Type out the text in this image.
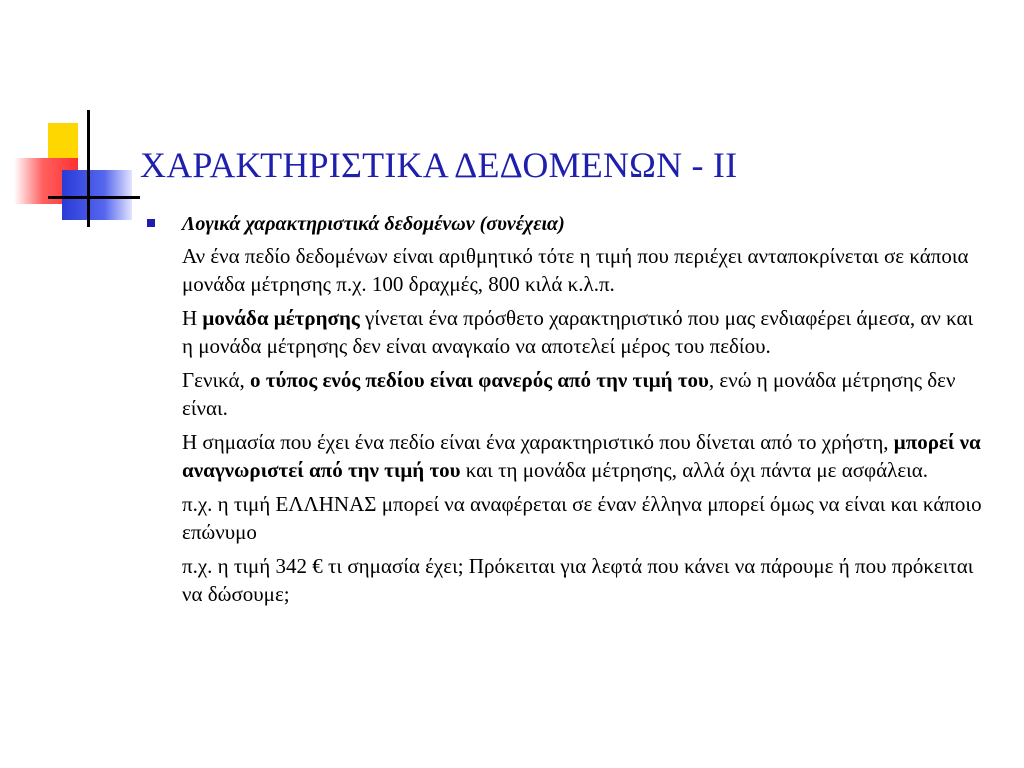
ΧΑΡΑΚΤΗΡΙΣΤΙΚΑ ΔΕΔΟΜΕΝΩΝ - ΙΙ
Λογικά χαρακτηριστικά δεδομένων (συνέχεια)
Αν ένα πεδίο δεδομένων είναι αριθμητικό τότε η τιμή που περιέχει ανταποκρίνεται σε κάποια μονάδα μέτρησης π.χ. 100 δραχμές, 800 κιλά κ.λ.π.
Η μονάδα μέτρησης γίνεται ένα πρόσθετο χαρακτηριστικό που μας ενδιαφέρει άμεσα, αν και η μονάδα μέτρησης δεν είναι αναγκαίο να αποτελεί μέρος του πεδίου.
Γενικά, ο τύπος ενός πεδίου είναι φανερός από την τιμή του, ενώ η μονάδα μέτρησης δεν είναι.
Η σημασία που έχει ένα πεδίο είναι ένα χαρακτηριστικό που δίνεται από το χρήστη, μπορεί να αναγνωριστεί από την τιμή του και τη μονάδα μέτρησης, αλλά όχι πάντα με ασφάλεια.
π.χ. η τιμή ΕΛΛΗΝΑΣ μπορεί να αναφέρεται σε έναν έλληνα μπορεί όμως να είναι και κάποιο επώνυμο
π.χ. η τιμή 342 € τι σημασία έχει; Πρόκειται για λεφτά που κάνει να πάρουμε ή που πρόκειται να δώσουμε;
